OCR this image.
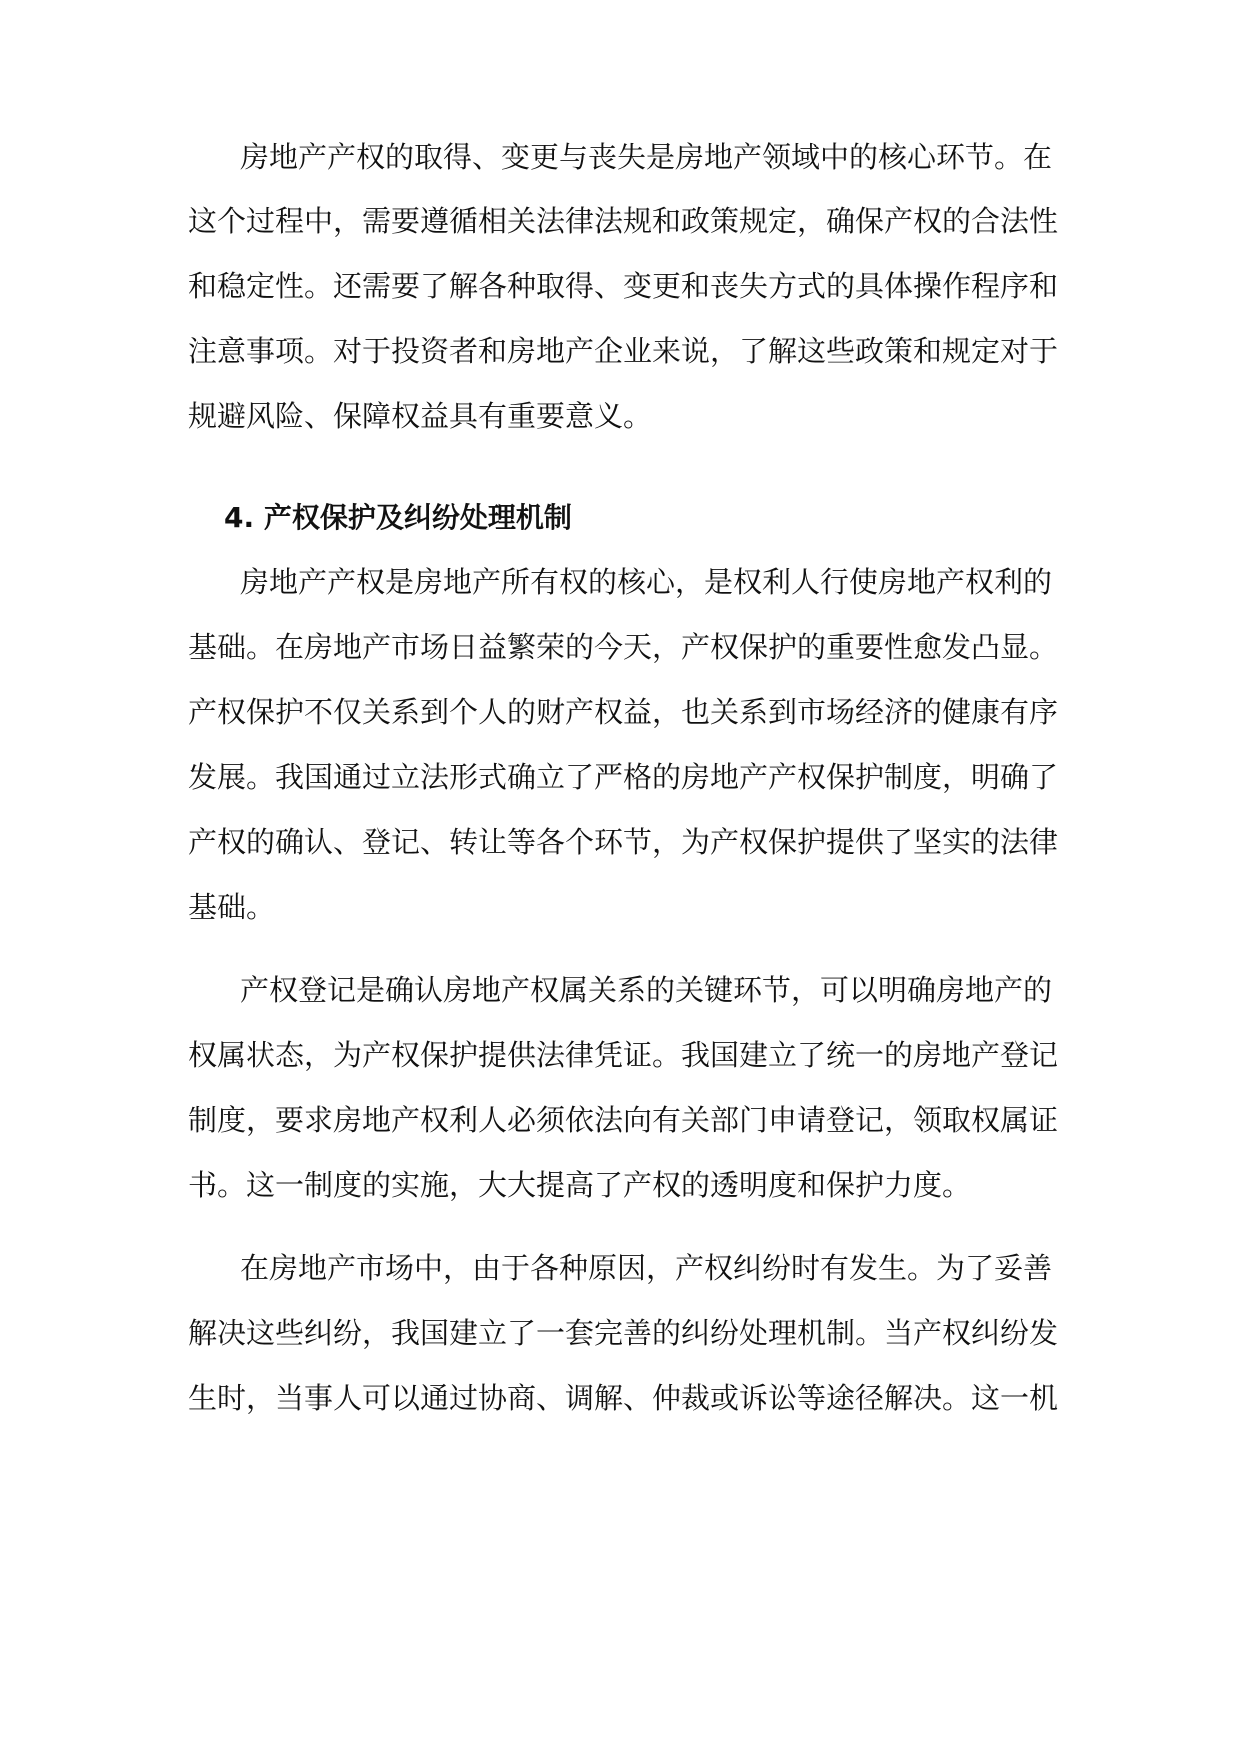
房地产产权的取得、变更与丧失是房地产领域中的核心环节。在
这个过程中，需要遵循相关法律法规和政策规定，确保产权的合法性
和稳定性。还需要了解各种取得、变更和丧失方式的具体操作程序和
注意事项。对于投资者和房地产企业来说，了解这些政策和规定对于
规避风险、保障权益具有重要意义。
4. 产权保护及纠纷处理机制
房地产产权是房地产所有权的核心，是权利人行使房地产权利的
基础。在房地产市场日益繁荣的今天，产权保护的重要性愈发凸显。
产权保护不仅关系到个人的财产权益，也关系到市场经济的健康有序
发展。我国通过立法形式确立了严格的房地产产权保护制度，明确了
产权的确认、登记、转让等各个环节，为产权保护提供了坚实的法律
基础。
产权登记是确认房地产权属关系的关键环节，可以明确房地产的
权属状态，为产权保护提供法律凭证。我国建立了统一的房地产登记
制度，要求房地产权利人必须依法向有关部门申请登记，领取权属证
书。这一制度的实施，大大提高了产权的透明度和保护力度。
在房地产市场中，由于各种原因，产权纠纷时有发生。为了妥善
解决这些纠纷，我国建立了一套完善的纠纷处理机制。当产权纠纷发
生时，当事人可以通过协商、调解、仲裁或诉讼等途径解决。这一机
